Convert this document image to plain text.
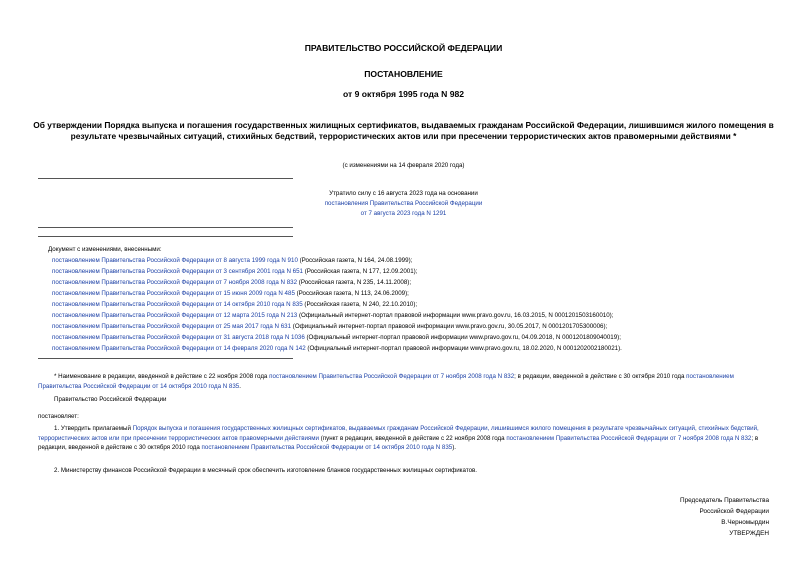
ПРАВИТЕЛЬСТВО РОССИЙСКОЙ ФЕДЕРАЦИИ
ПОСТАНОВЛЕНИЕ
от 9 октября 1995 года N 982
Об утверждении Порядка выпуска и погашения государственных жилищных сертификатов, выдаваемых гражданам Российской Федерации, лишившимся жилого помещения в результате чрезвычайных ситуаций, стихийных бедствий, террористических актов или при пресечении террористических актов правомерными действиями *
(с изменениями на 14 февраля 2020 года)
Утратило силу с 16 августа 2023 года на основании
постановления Правительства Российской Федерации
от 7 августа 2023 года N 1291
Документ с изменениями, внесенными:
постановлением Правительства Российской Федерации от 8 августа 1999 года N 910 (Российская газета, N 164, 24.08.1999);
постановлением Правительства Российской Федерации от 3 сентября 2001 года N 651 (Российская газета, N 177, 12.09.2001);
постановлением Правительства Российской Федерации от 7 ноября 2008 года N 832 (Российская газета, N 235, 14.11.2008);
постановлением Правительства Российской Федерации от 15 июня 2009 года N 485 (Российская газета, N 113, 24.06.2009);
постановлением Правительства Российской Федерации от 14 октября 2010 года N 835 (Российская газета, N 240, 22.10.2010);
постановлением Правительства Российской Федерации от 12 марта 2015 года N 213 (Официальный интернет-портал правовой информации www.pravo.gov.ru, 16.03.2015, N 0001201503160010);
постановлением Правительства Российской Федерации от 25 мая 2017 года N 631 (Официальный интернет-портал правовой информации www.pravo.gov.ru, 30.05.2017, N 0001201705300006);
постановлением Правительства Российской Федерации от 31 августа 2018 года N 1036 (Официальный интернет-портал правовой информации www.pravo.gov.ru, 04.09.2018, N 0001201809040019);
постановлением Правительства Российской Федерации от 14 февраля 2020 года N 142 (Официальный интернет-портал правовой информации www.pravo.gov.ru, 18.02.2020, N 0001202002180021).
* Наименование в редакции, введенной в действие с 22 ноября 2008 года постановлением Правительства Российской Федерации от 7 ноября 2008 года N 832; в редакции, введенной в действие с 30 октября 2010 года постановлением Правительства Российской Федерации от 14 октября 2010 года N 835.
Правительство Российской Федерации
постановляет:
1. Утвердить прилагаемый Порядок выпуска и погашения государственных жилищных сертификатов, выдаваемых гражданам Российской Федерации, лишившимся жилого помещения в результате чрезвычайных ситуаций, стихийных бедствий, террористических актов или при пресечении террористических актов правомерными действиями (пункт в редакции, введенной в действие с 22 ноября 2008 года постановлением Правительства Российской Федерации от 7 ноября 2008 года N 832; в редакции, введенной в действие с 30 октября 2010 года постановлением Правительства Российской Федерации от 14 октября 2010 года N 835).
2. Министерству финансов Российской Федерации в месячный срок обеспечить изготовление бланков государственных жилищных сертификатов.
Председатель Правительства
Российской Федерации
В.Черномырдин
УТВЕРЖДЕН
